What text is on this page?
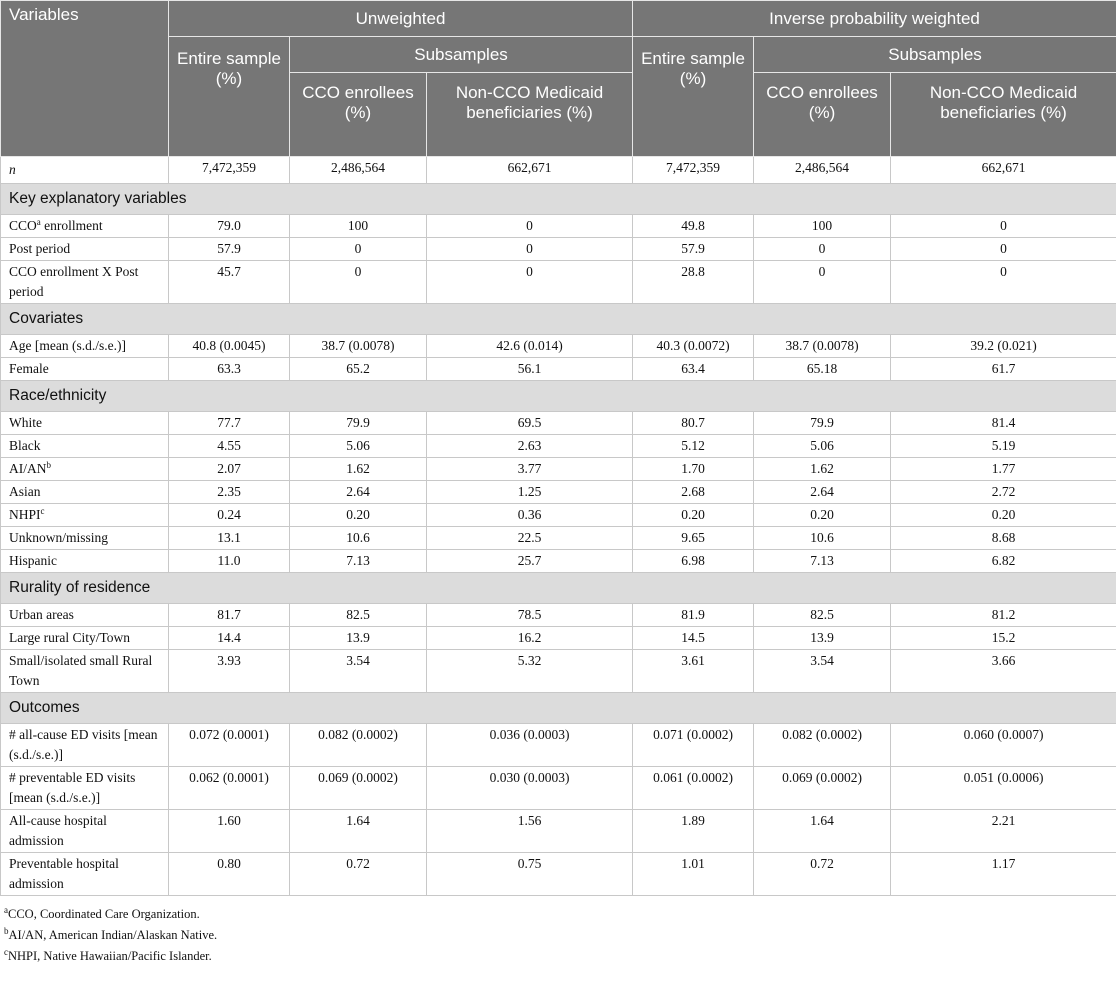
Variables	Unweighted			Inverse probability weighted		
	Entire sample (%)	Subsamples		Entire sample (%)	Subsamples	
		CCO enrollees (%)	Non-CCO Medicaid beneficiaries (%)		CCO enrollees (%)	Non-CCO Medicaid beneficiaries (%)
n	7,472,359	2,486,564	662,671	7,472,359	2,486,564	662,671
Key explanatory variables						
CCO$^a$ enrollment	79.0	100	0	49.8	100	0
Post period	57.9	0	0	57.9	0	0
CCO enrollment X Post period	45.7	0	0	28.8	0	0
Covariates						
Age [mean (s.d./s.e.)]	40.8 (0.0045)	38.7 (0.0078)	42.6 (0.014)	40.3 (0.0072)	38.7 (0.0078)	39.2 (0.021)
Female	63.3	65.2	56.1	63.4	65.18	61.7
Race/ethnicity						
White	77.7	79.9	69.5	80.7	79.9	81.4
Black	4.55	5.06	2.63	5.12	5.06	5.19
$AI/AN^b$	2.07	1.62	3.77	1.70	1.62	1.77
Asian	2.35	2.64	1.25	2.68	2.64	2.72
NHPI$^c$	0.24	0.20	0.36	0.20	0.20	0.20
Unknown/missing	13.1	10.6	22.5	9.65	10.6	8.68
Hispanic	11.0	7.13	25.7	6.98	7.13	6.82
Rurality of residence						
Urban areas	81.7	82.5	78.5	81.9	82.5	81.2
Large rural City/Town	14.4	13.9	16.2	14.5	13.9	15.2
Small/isolated small Rural Town	3.93	3.54	5.32	3.61	3.54	3.66
Outcomes						
# all-cause ED visits [mean (s.d./s.e.)]	0.072 (0.0001)	0.082 (0.0002)	0.036 (0.0003)	0.071 (0.0002)	0.082 (0.0002)	0.060 (0.0007)
# preventable ED visits [mean (s.d./s.e.)]	0.062 (0.0001)	0.069 (0.0002)	0.030 (0.0003)	0.061 (0.0002)	0.069 (0.0002)	0.051 (0.0006)
All-cause hospital admission	1.60	1.64	1.56	1.89	1.64	2.21
Preventable hospital admission	0.80	0.72	0.75	1.01	0.72	1.17
$^a$CCO, Coordinated Care Organization.
$^b$AI/AN, American Indian/Alaskan Native.
$^c$NHPI, Native Hawaiian/Pacific Islander.
